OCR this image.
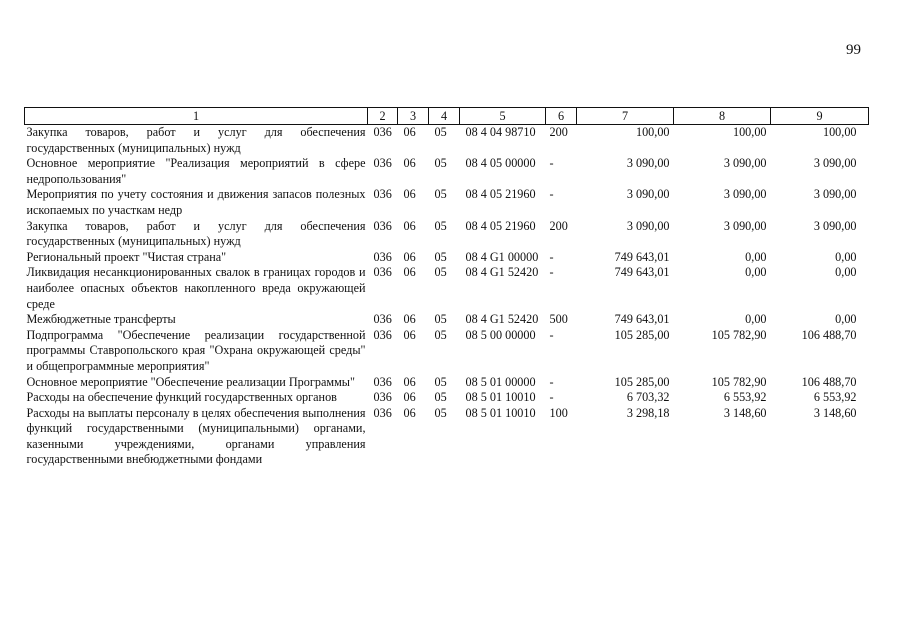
99
1	2	3	4	5	6	7	8	9
Закупка товаров, работ и услуг для обеспечения государственных (муниципальных) нужд	036	06	05	08 4 04 98710	200	100,00	100,00	100,00
Основное мероприятие "Реализация мероприятий в сфере недропользования"	036	06	05	08 4 05 00000	-	3 090,00	3 090,00	3 090,00
Мероприятия по учету состояния и движения запасов полезных ископаемых по участкам недр	036	06	05	08 4 05 21960	-	3 090,00	3 090,00	3 090,00
Закупка товаров, работ и услуг для обеспечения государственных (муниципальных) нужд	036	06	05	08 4 05 21960	200	3 090,00	3 090,00	3 090,00
Региональный проект "Чистая страна"	036	06	05	08 4 G1 00000	-	749 643,01	0,00	0,00
Ликвидация несанкционированных свалок в границах городов и наиболее опасных объектов накопленного вреда окружающей среде	036	06	05	08 4 G1 52420	-	749 643,01	0,00	0,00
Межбюджетные трансферты	036	06	05	08 4 G1 52420	500	749 643,01	0,00	0,00
Подпрограмма "Обеспечение реализации государственной программы Ставропольского края "Охрана окружающей среды" и общепрограммные мероприятия"	036	06	05	08 5 00 00000	-	105 285,00	105 782,90	106 488,70
Основное мероприятие "Обеспечение реализации Программы"	036	06	05	08 5 01 00000	-	105 285,00	105 782,90	106 488,70
Расходы на обеспечение функций государственных органов	036	06	05	08 5 01 10010	-	6 703,32	6 553,92	6 553,92
Расходы на выплаты персоналу в целях обеспечения выполнения функций государственными (муниципальными) органами, казенными учреждениями, органами управления государственными внебюджетными фондами	036	06	05	08 5 01 10010	100	3 298,18	3 148,60	3 148,60
